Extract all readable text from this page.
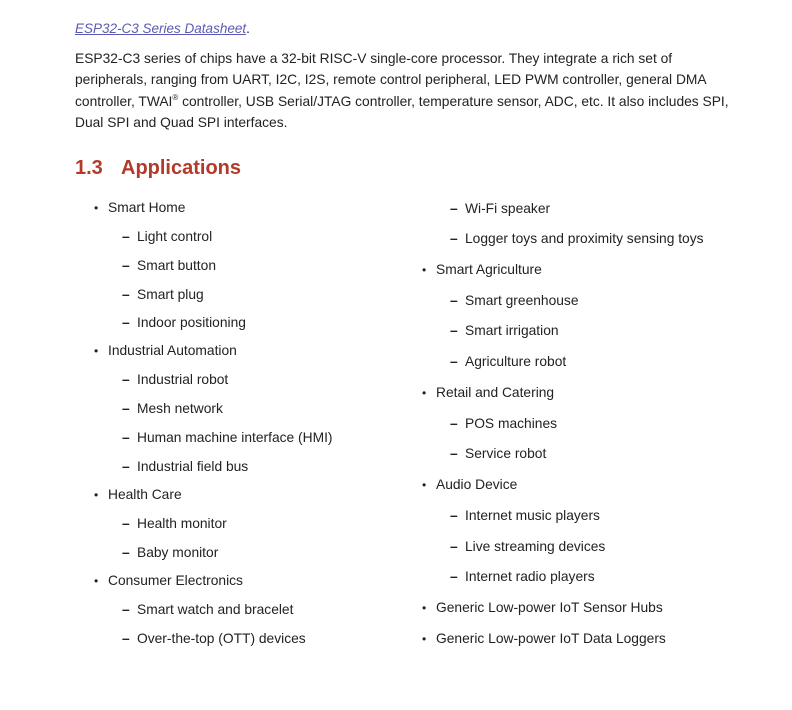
ESP32-C3 Series Datasheet.

ESP32-C3 series of chips have a 32-bit RISC-V single-core processor. They integrate a rich set of peripherals, ranging from UART, I2C, I2S, remote control peripheral, LED PWM controller, general DMA controller, TWAI® controller, USB Serial/JTAG controller, temperature sensor, ADC, etc. It also includes SPI, Dual SPI and Quad SPI interfaces.

1.3 Applications
• Smart Home
– Light control
– Smart button
– Smart plug
– Indoor positioning
• Industrial Automation
– Industrial robot
– Mesh network
– Human machine interface (HMI)
– Industrial field bus
• Health Care
– Health monitor
– Baby monitor
• Consumer Electronics
– Smart watch and bracelet
– Over-the-top (OTT) devices
– Wi-Fi speaker
– Logger toys and proximity sensing toys
• Smart Agriculture
– Smart greenhouse
– Smart irrigation
– Agriculture robot
• Retail and Catering
– POS machines
– Service robot
• Audio Device
– Internet music players
– Live streaming devices
– Internet radio players
• Generic Low-power IoT Sensor Hubs
• Generic Low-power IoT Data Loggers
